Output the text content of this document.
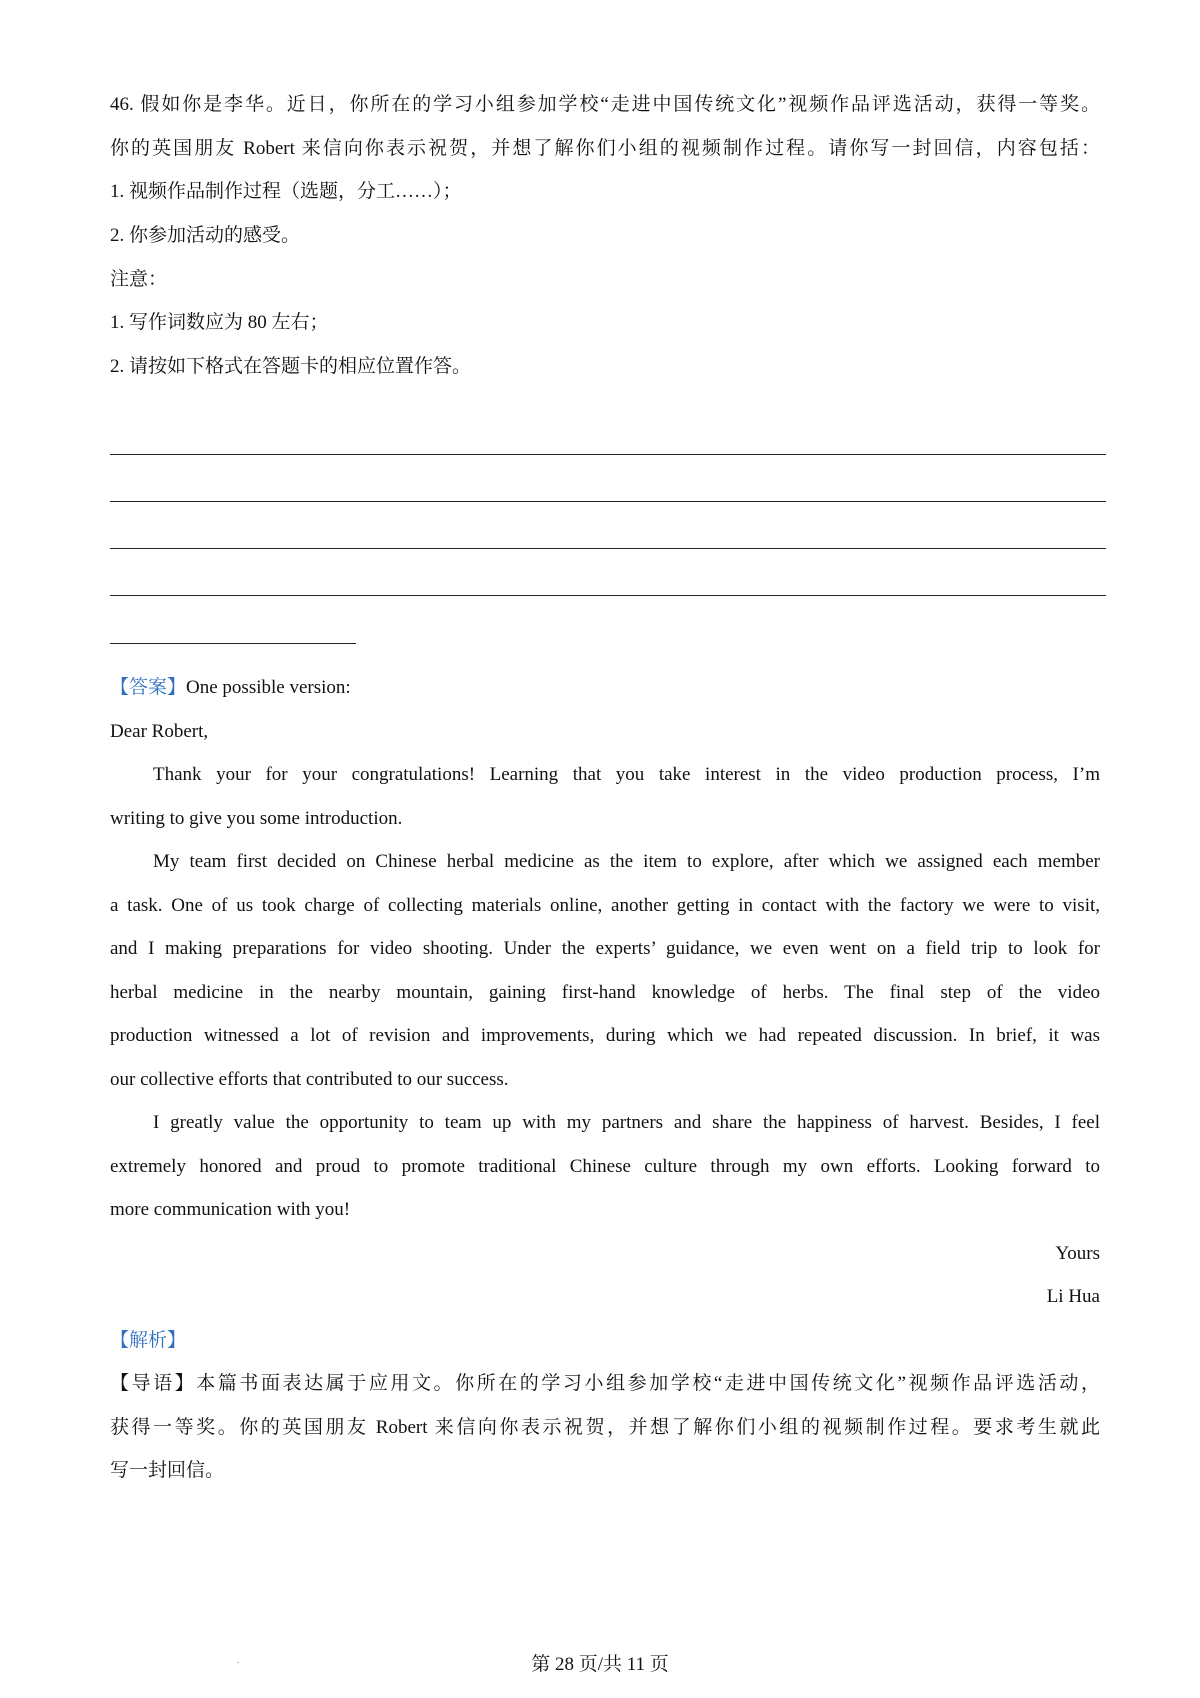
46. 假如你是李华。近日，你所在的学习小组参加学校“走进中国传统文化”视频作品评选活动，获得一等奖。
你的英国朋友 Robert 来信向你表示祝贺，并想了解你们小组的视频制作过程。请你写一封回信，内容包括：
1. 视频作品制作过程（选题，分工……）；
2. 你参加活动的感受。
注意：
1. 写作词数应为 80 左右；
2. 请按如下格式在答题卡的相应位置作答。
【答案】One possible version:
Dear Robert,
Thank your for your congratulations! Learning that you take interest in the video production process, I’m
writing to give you some introduction.
My team first decided on Chinese herbal medicine as the item to explore, after which we assigned each member
a task. One of us took charge of collecting materials online, another getting in contact with the factory we were to visit,
and I making preparations for video shooting. Under the experts’ guidance, we even went on a field trip to look for
herbal medicine in the nearby mountain, gaining first-hand knowledge of herbs. The final step of the video
production witnessed a lot of revision and improvements, during which we had repeated discussion. In brief, it was
our collective efforts that contributed to our success.
I greatly value the opportunity to team up with my partners and share the happiness of harvest. Besides, I feel
extremely honored and proud to promote traditional Chinese culture through my own efforts. Looking forward to
more communication with you!
Yours
Li Hua
【解析】
【导语】本篇书面表达属于应用文。你所在的学习小组参加学校“走进中国传统文化”视频作品评选活动，
获得一等奖。你的英国朋友 Robert 来信向你表示祝贺，并想了解你们小组的视频制作过程。要求考生就此
写一封回信。
第 28 页/共 11 页
